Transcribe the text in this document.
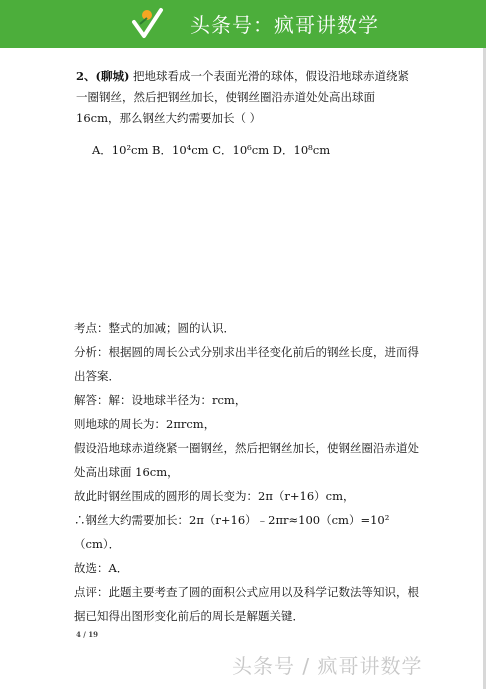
头条号：疯哥讲数学
2、(聊城) 把地球看成一个表面光滑的球体，假设沿地球赤道绕紧一圈钢丝，然后把钢丝加长，使钢丝圈沿赤道处处高出球面 16cm，那么钢丝大约需要加长（ ）
A．10²cm B．10⁴cm C．10⁶cm D．10⁸cm

考点：整式的加减；圆的认识．

分析：根据圆的周长公式分别求出半径变化前后的钢丝长度，进而得出答案．

解答：解：设地球半径为：rcm，

则地球的周长为：2πrcm，

假设沿地球赤道绕紧一圈钢丝，然后把钢丝加长，使钢丝圈沿赤道处处高出球面 16cm，

故此时钢丝围成的圆形的周长变为：2π（r+16）cm，

∴钢丝大约需要加长：2π（r+16）﹣2πr≈100（cm）=10²（cm）．

故选：A．

点评：此题主要考查了圆的面积公式应用以及科学记数法等知识，根据已知得出图形变化前后的周长是解题关键．

4 / 19
头条号 / 疯哥讲数学
